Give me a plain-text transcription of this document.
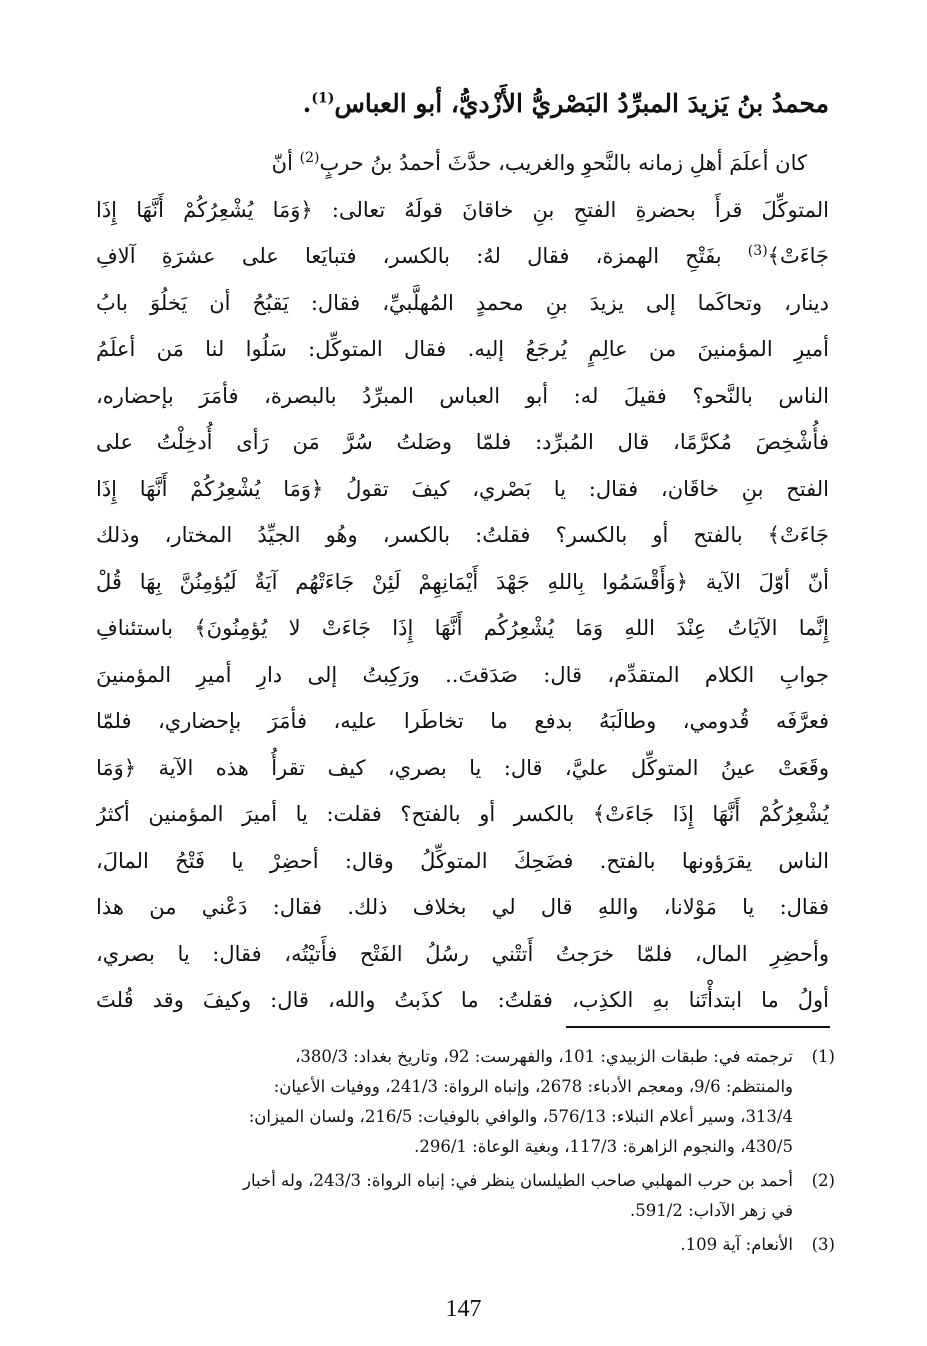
محمدُ بنُ يَزيدَ المبرِّدُ البَصْريُّ الأَزْديُّ، أبو العباس$^{(1)}$.
كان أعلَمَ أهلِ زمانه بالنَّحوِ والغريب، حدَّثَ أحمدُ بنُ حربٍ$^{(2)}$ أنّ
المتوكِّلَ قرأَ بحضرةِ الفتحِ بنِ خاقانَ قولَهُ تعالى: ﴿وَمَا يُشْعِرُكُمْ أَنَّهَا إِذَا
جَاءَتْ﴾$^{(3)}$ بفَتْحِ الهمزة، فقال لهُ: بالكسر، فتبايَعا على عشرَةِ آلافِ
دينار، وتحاكَما إلى يزيدَ بنِ محمدٍ المُهلَّبيِّ، فقال: يَقبُحُ أن يَخلُوَ بابُ
أميرِ المؤمنينَ من عالِمٍ يُرجَعُ إليه. فقال المتوكِّل: سَلُوا لنا مَن أعلَمُ
الناس بالنَّحو؟ فقيلَ له: أبو العباس المبرِّدُ بالبصرة، فأمَرَ بإحضاره،
فأُشْخِصَ مُكرَّمًا، قال المُبرِّد: فلمّا وصَلتُ سُرَّ مَن رَأى أُدخِلْتُ على
الفتح بنِ خاقَان، فقال: يا بَصْري، كيفَ تقولُ ﴿وَمَا يُشْعِرُكُمْ أَنَّهَا إِذَا
جَاءَتْ﴾ بالفتح أو بالكسر؟ فقلتُ: بالكسر، وهُو الجيِّدُ المختار، وذلك
أنّ أوّلَ الآية ﴿وَأَقْسَمُوا بِاللهِ جَهْدَ أَيْمَانِهِمْ لَئِنْ جَاءَتْهُم آيَةٌ لَيُؤمِنُنَّ بِهَا قُلْ
إِنَّما الآيَاتُ عِنْدَ اللهِ وَمَا يُشْعِرُكُم أَنَّهَا إِذَا جَاءَتْ لا يُؤمِنُونَ﴾ باستئنافِ
جوابِ الكلام المتقدِّم، قال: صَدَقتَ.. ورَكِبتُ إلى دارِ أميرِ المؤمنينَ
فعرَّفَه قُدومي، وطالَبَهُ بدفع ما تخاطَرا عليه، فأمَرَ بإحضاري، فلمّا
وقَعَتْ عينُ المتوكِّل عليَّ، قال: يا بصري، كيف تقرأُ هذه الآية ﴿وَمَا
يُشْعِرُكُمْ أَنَّهَا إِذَا جَاءَتْ﴾ بالكسر أو بالفتح؟ فقلت: يا أميرَ المؤمنين أكثرُ
الناس يقرَؤونها بالفتح. فضَحِكَ المتوكِّلُ وقال: أحضِرْ يا فَتْحُ المالَ،
فقال: يا مَوْلانا، واللهِ قال لي بخلاف ذلك. فقال: دَعْني من هذا
وأحضِرِ المال، فلمّا خرَجتُ أَتتْني رسُلُ الفَتْح فأَتيْتُه، فقال: يا بصري،
أولُ ما ابتدأْتَنا بهِ الكذِب، فقلتُ: ما كذَبتُ والله، قال: وكيفَ وقد قُلتَ
(1)
ترجمته في: طبقات الزبيدي: 101، والفهرست: 92، وتاريخ بغداد: 380/3،
والمنتظم: 9/6، ومعجم الأدباء: 2678، وإنباه الرواة: 241/3، ووفيات الأعيان:
313/4، وسير أعلام النبلاء: 576/13، والوافي بالوفيات: 216/5، ولسان الميزان:
430/5، والنجوم الزاهرة: 117/3، وبغية الوعاة: 296/1.
(2)
أحمد بن حرب المهلبي صاحب الطيلسان ينظر في: إنباه الرواة: 243/3، وله أخبار
في زهر الآداب: 591/2.
(3)
الأنعام: آية 109.
147
